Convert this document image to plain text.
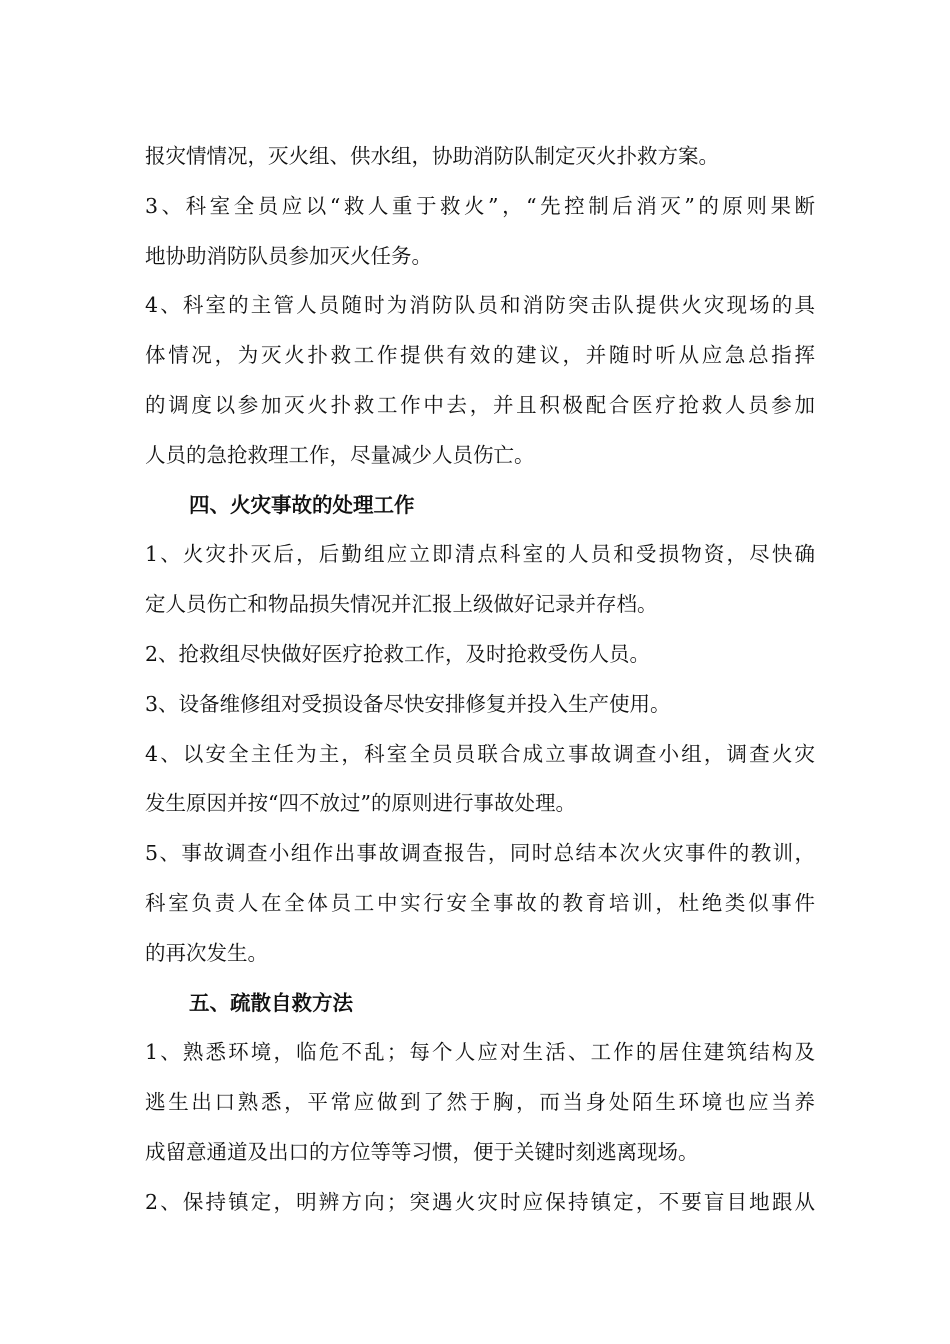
报灾情情况，灭火组、供水组，协助消防队制定灭火扑救方案。
3、科室全员应以“救人重于救火”，“先控制后消灭”的原则果断
地协助消防队员参加灭火任务。
4、科室的主管人员随时为消防队员和消防突击队提供火灾现场的具
体情况，为灭火扑救工作提供有效的建议，并随时听从应急总指挥
的调度以参加灭火扑救工作中去，并且积极配合医疗抢救人员参加
人员的急抢救理工作，尽量减少人员伤亡。
四、火灾事故的处理工作
1、火灾扑灭后，后勤组应立即清点科室的人员和受损物资，尽快确
定人员伤亡和物品损失情况并汇报上级做好记录并存档。
2、抢救组尽快做好医疗抢救工作，及时抢救受伤人员。
3、设备维修组对受损设备尽快安排修复并投入生产使用。
4、以安全主任为主，科室全员员联合成立事故调查小组，调查火灾
发生原因并按“四不放过”的原则进行事故处理。
5、事故调查小组作出事故调查报告，同时总结本次火灾事件的教训，
科室负责人在全体员工中实行安全事故的教育培训，杜绝类似事件
的再次发生。
五、疏散自救方法
1、熟悉环境，临危不乱；每个人应对生活、工作的居住建筑结构及
逃生出口熟悉，平常应做到了然于胸，而当身处陌生环境也应当养
成留意通道及出口的方位等等习惯，便于关键时刻逃离现场。
2、保持镇定，明辨方向；突遇火灾时应保持镇定，不要盲目地跟从
